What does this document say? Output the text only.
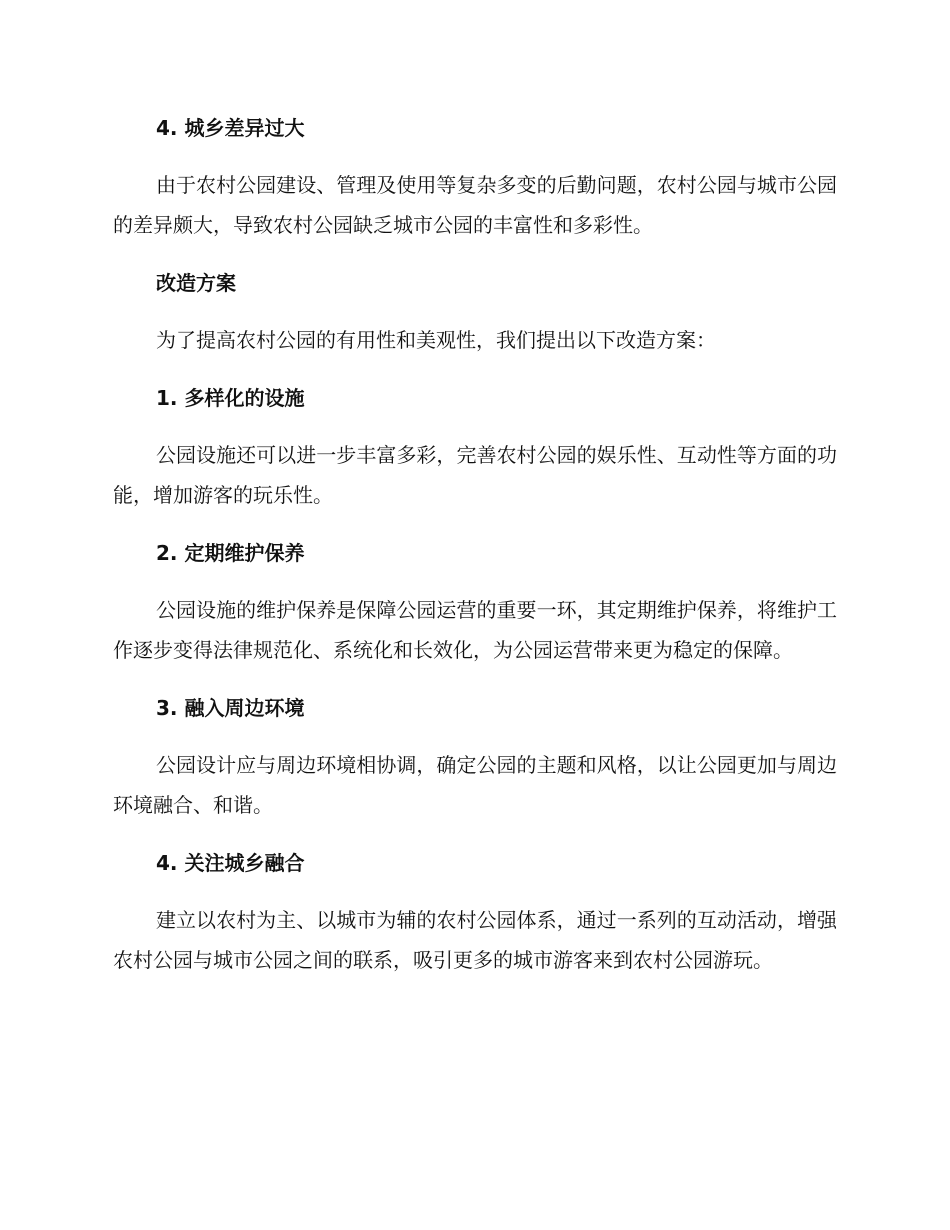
4. 城乡差异过大

由于农村公园建设、管理及使用等复杂多变的后勤问题，农村公园与城市公园的差异颇大，导致农村公园缺乏城市公园的丰富性和多彩性。

改造方案

为了提高农村公园的有用性和美观性，我们提出以下改造方案：

1. 多样化的设施

公园设施还可以进一步丰富多彩，完善农村公园的娱乐性、互动性等方面的功能，增加游客的玩乐性。

2. 定期维护保养

公园设施的维护保养是保障公园运营的重要一环，其定期维护保养，将维护工作逐步变得法律规范化、系统化和长效化，为公园运营带来更为稳定的保障。

3. 融入周边环境

公园设计应与周边环境相协调，确定公园的主题和风格，以让公园更加与周边环境融合、和谐。

4. 关注城乡融合

建立以农村为主、以城市为辅的农村公园体系，通过一系列的互动活动，增强农村公园与城市公园之间的联系，吸引更多的城市游客来到农村公园游玩。
